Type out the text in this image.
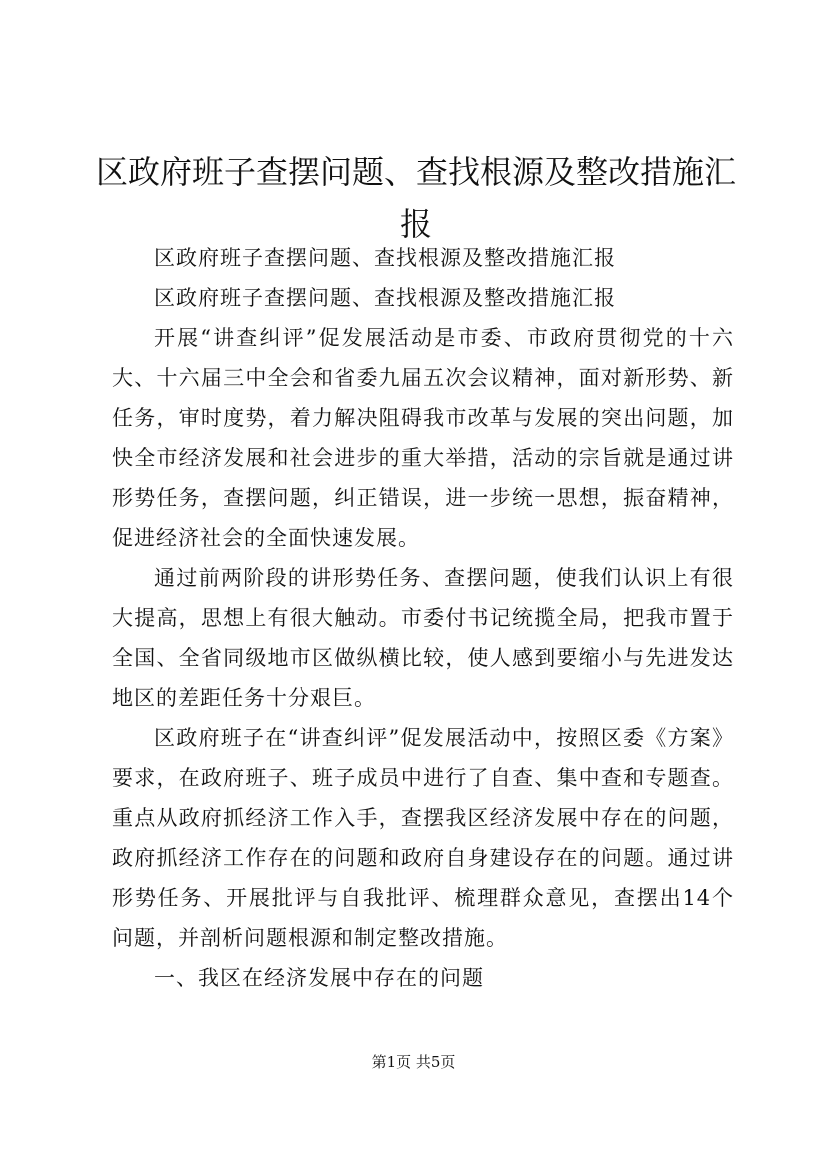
区政府班子查摆问题、查找根源及整改措施汇报

区政府班子查摆问题、查找根源及整改措施汇报

区政府班子查摆问题、查找根源及整改措施汇报

开展“讲查纠评”促发展活动是市委、市政府贯彻党的十六大、十六届三中全会和省委九届五次会议精神，面对新形势、新任务，审时度势，着力解决阻碍我市改革与发展的突出问题，加快全市经济发展和社会进步的重大举措，活动的宗旨就是通过讲形势任务，查摆问题，纠正错误，进一步统一思想，振奋精神，促进经济社会的全面快速发展。

通过前两阶段的讲形势任务、查摆问题，使我们认识上有很大提高，思想上有很大触动。市委付书记统揽全局，把我市置于全国、全省同级地市区做纵横比较，使人感到要缩小与先进发达地区的差距任务十分艰巨。

区政府班子在“讲查纠评”促发展活动中，按照区委《方案》要求，在政府班子、班子成员中进行了自查、集中查和专题查。重点从政府抓经济工作入手，查摆我区经济发展中存在的问题，政府抓经济工作存在的问题和政府自身建设存在的问题。通过讲形势任务、开展批评与自我批评、梳理群众意见，查摆出14个问题，并剖析问题根源和制定整改措施。

一、我区在经济发展中存在的问题

第1页 共5页
